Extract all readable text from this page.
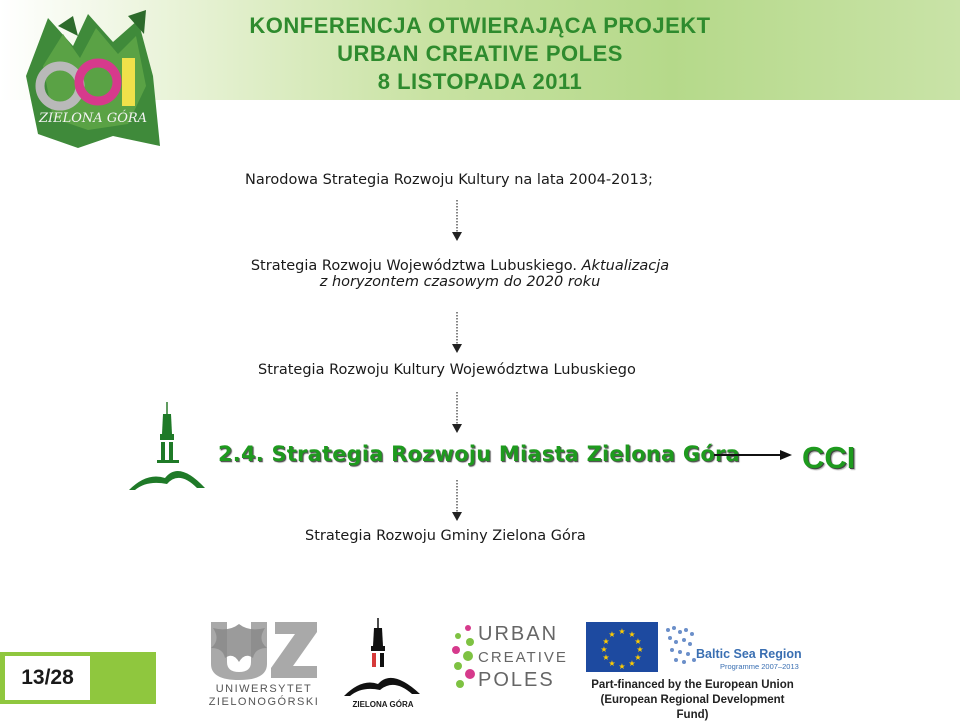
KONFERENCJA OTWIERAJĄCA PROJEKT
URBAN CREATIVE POLES
8 LISTOPADA 2011
ZIELONA GÓRA
Narodowa Strategia Rozwoju Kultury na lata 2004-2013;
Strategia Rozwoju Województwa Lubuskiego. Aktualizacja
z horyzontem czasowym do 2020 roku
Strategia Rozwoju Kultury Województwa Lubuskiego
2.4. Strategia Rozwoju Miasta Zielona Góra CCI
Strategia Rozwoju Gminy Zielona Góra
13/28	UNIWERSYTET
ZIELONOGÓRSKI	ZIELONA GÓRA
URBAN
CREATIVE
POLES
★ ★
★
★
★
★
★
★
★
★
★
★
Baltic Sea Region
Programme 2007–2013
Part-financed by the European Union
(European Regional Development Fund)
